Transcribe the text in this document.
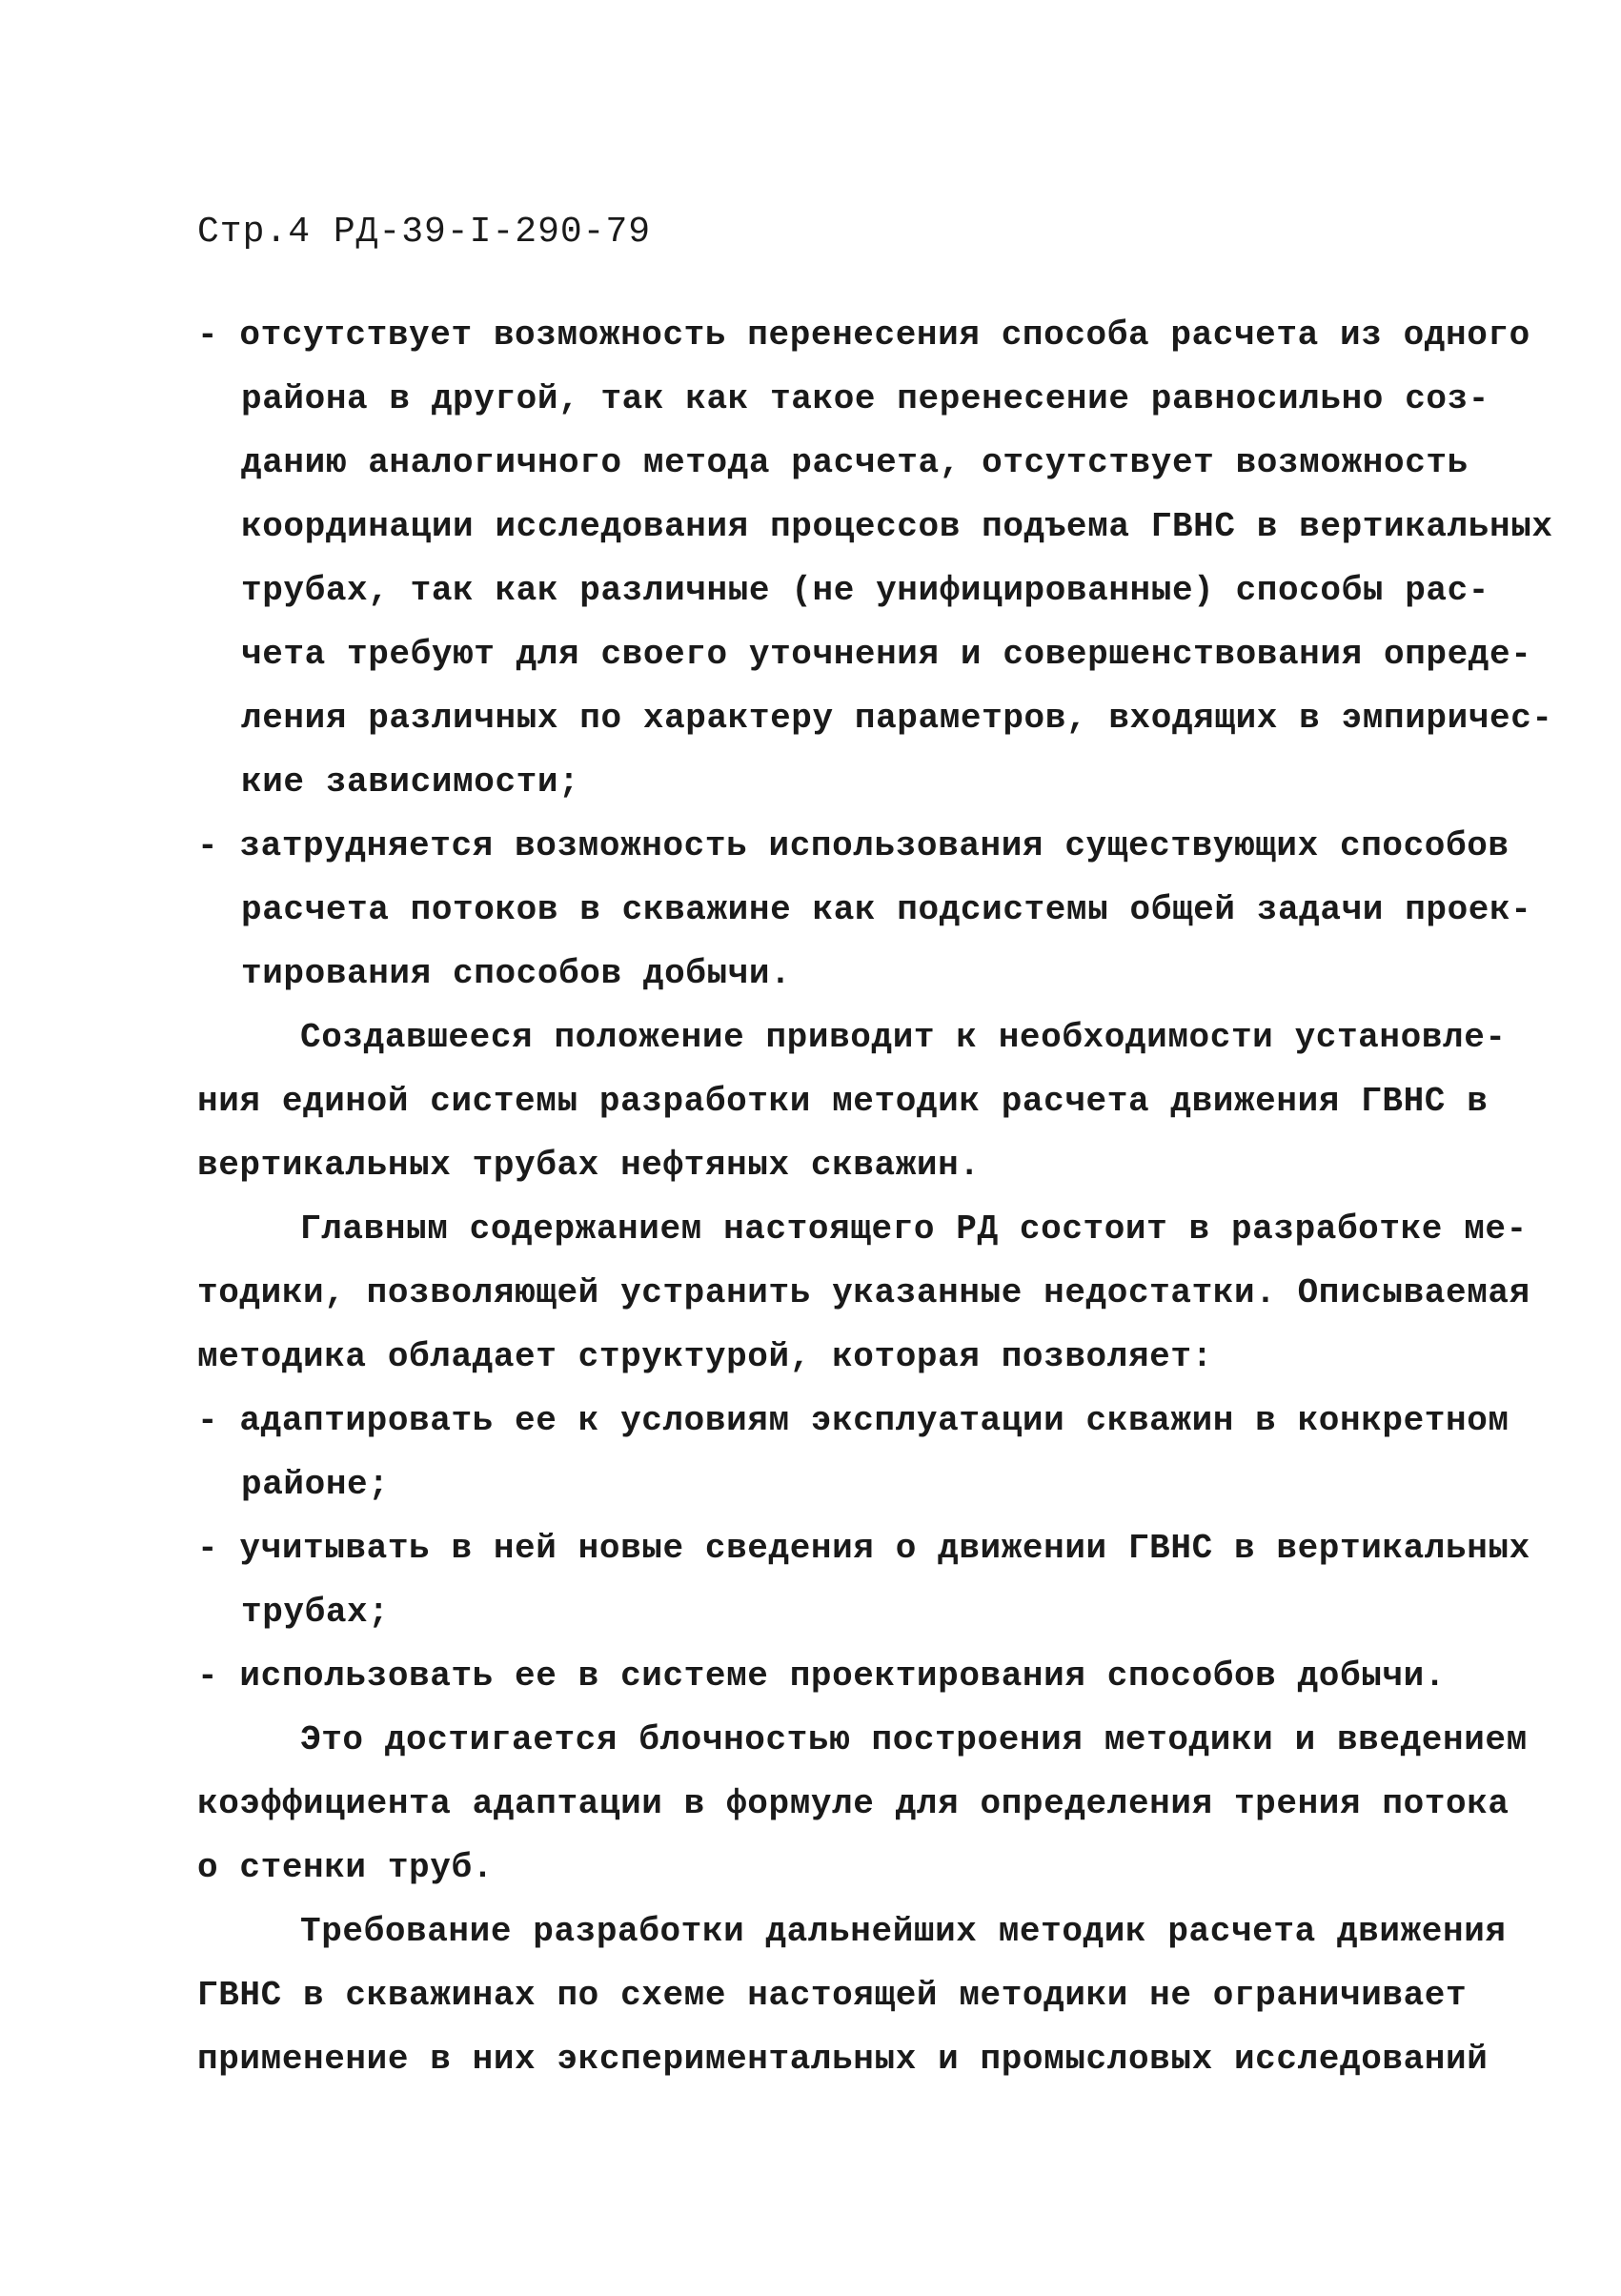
Стр.4 РД-39-I-290-79
- отсутствует возможность перенесения способа расчета из одного
района в другой, так как такое перенесение равносильно соз-
данию аналогичного метода расчета, отсутствует возможность
координации исследования процессов подъема ГВНС в вертикальных
трубах, так как различные (не унифицированные) способы рас-
чета требуют для своего уточнения и совершенствования опреде-
ления различных по характеру параметров, входящих в эмпиричес-
кие зависимости;
- затрудняется возможность использования существующих способов
расчета потоков в скважине как подсистемы общей задачи проек-
тирования способов добычи.
Создавшееся положение приводит к необходимости установле-
ния единой системы разработки методик расчета движения ГВНС в
вертикальных трубах нефтяных скважин.
Главным содержанием настоящего РД состоит в разработке ме-
тодики, позволяющей устранить указанные недостатки. Описываемая
методика обладает структурой, которая позволяет:
- адаптировать ее к условиям эксплуатации скважин в конкретном
районе;
- учитывать в ней новые сведения о движении ГВНС в вертикальных
трубах;
- использовать ее в системе проектирования способов добычи.
Это достигается блочностью построения методики и введением
коэффициента адаптации в формуле для определения трения потока
о стенки труб.
Требование разработки дальнейших методик расчета движения
ГВНС в скважинах по схеме настоящей методики не ограничивает
применение в них экспериментальных и промысловых исследований
